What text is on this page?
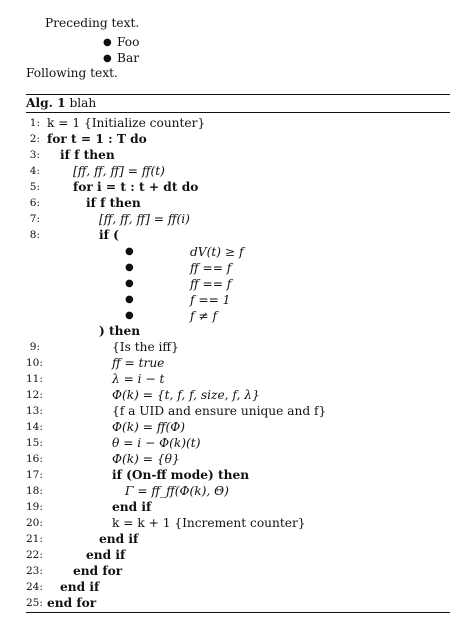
Preceding text.
● Foo
● Bar
Following text.
Alg. 1 blah
1: k = 1 {Initialize counter}
2: for t = 1 : T do
3: if f then
4:	[ff, ff, ff] = ff(t)
5:	for i = t : t + dt do
6:	if f then
7:	[ff, ff, ff] = ff(i)
8:	if (
●	dV(t) ≥ f
●	ff == f
●	ff == f
●	f == 1
●	f ≠ f
) then
9:	{Is the iff}
10:	ff = true
11:	λ = i − t
12:	Φ(k) = {t, f, f, size, f, λ}
13:	{f a UID and ensure unique and f}
14:	Φ(k) = ff(Φ)
15:	θ = i − Φ(k)(t)
16:	Φ(k) = {θ}
17:	if (On-ff mode) then
18:	Γ = ff_ff(Φ(k), Θ)
19:	end if
20:	k = k + 1 {Increment counter}
21:	end if
22:	end if
23: end for
24: end if
25: end for
